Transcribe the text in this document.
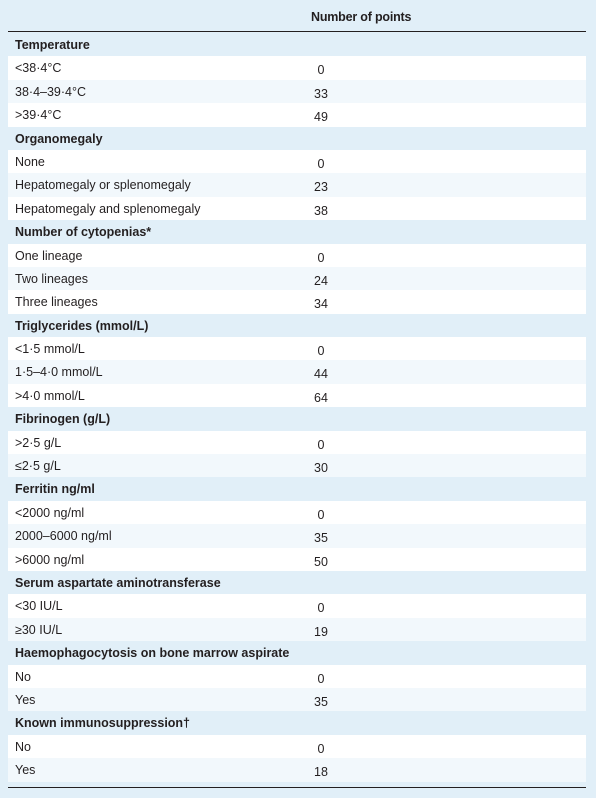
Number of points
Temperature
<38·4°C	0
38·4–39·4°C	33
>39·4°C	49
Organomegaly
None	0
Hepatomegaly or splenomegaly	23
Hepatomegaly and splenomegaly	38
Number of cytopenias*
One lineage	0
Two lineages	24
Three lineages	34
Triglycerides (mmol/L)
<1·5 mmol/L	0
1·5–4·0 mmol/L	44
>4·0 mmol/L	64
Fibrinogen (g/L)
>2·5 g/L	0
≤2·5 g/L	30
Ferritin ng/ml
<2000 ng/ml	0
2000–6000 ng/ml	35
>6000 ng/ml	50
Serum aspartate aminotransferase
<30 IU/L	0
≥30 IU/L	19
Haemophagocytosis on bone marrow aspirate
No	0
Yes	35
Known immunosuppression†
No	0
Yes	18
